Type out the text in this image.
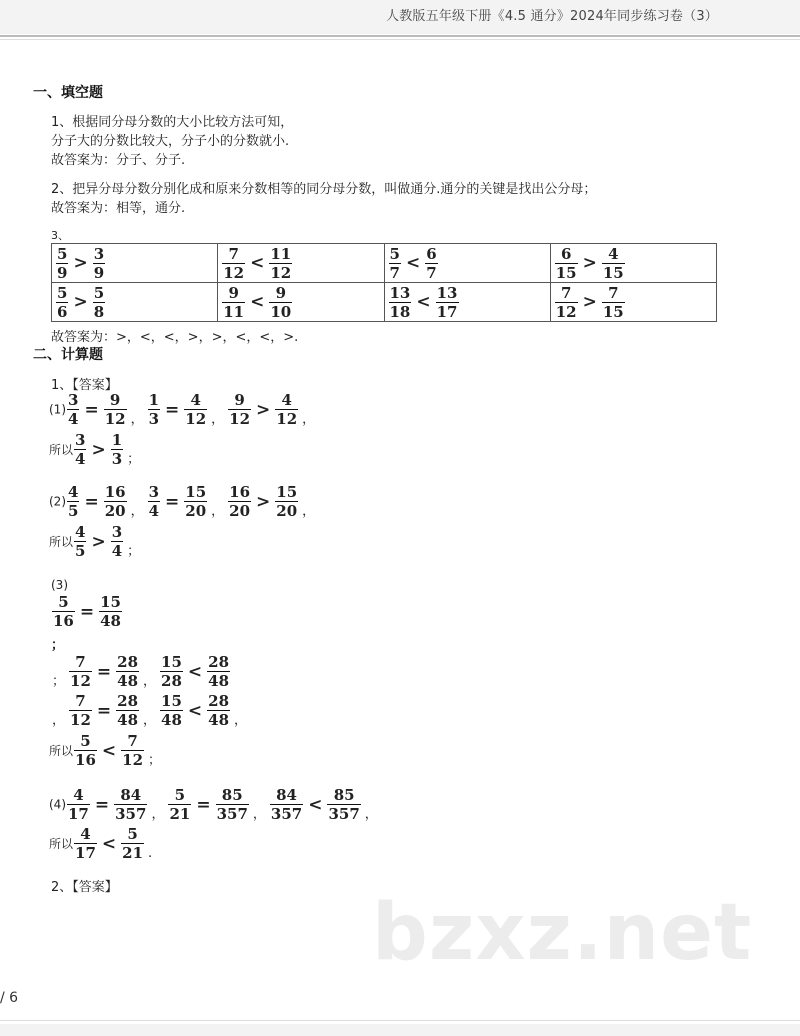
人教版五年级下册《4.5 通分》2024年同步练习卷（3）
一、填空题
1、根据同分母分数的大小比较方法可知，
分子大的分数比较大，分子小的分数就小.
故答案为：分子、分子.
2、把异分母分数分别化成和原来分数相等的同分母分数，叫做通分.通分的关键是找出公分母；
故答案为：相等，通分.
3、
$\frac{5}{9} > \frac{3}{9}$	$\frac{7}{12} < \frac{11}{12}$	$\frac{5}{7} < \frac{6}{7}$	$\frac{6}{15} > \frac{4}{15}$

$\frac{5}{6} > \frac{5}{8}$	$\frac{9}{11} < \frac{9}{10}$	$\frac{13}{18} < \frac{13}{17}$	$\frac{7}{12} > \frac{7}{15}$
故答案为：>，<，<，>，>，<，<，>.
二、计算题
1、【答案】
$(1) \frac{3}{4} = \frac{9}{12}$ ， $\frac{1}{3} = \frac{4}{12}$ ， $\frac{9}{12} > \frac{4}{12}$ ，
所以 $\frac{3}{4} > \frac{1}{3}$ ；
$(2) \frac{4}{5} = \frac{16}{20}$ ， $\frac{3}{4} = \frac{15}{20}$ ， $\frac{16}{20} > \frac{15}{20}$ ，
所以 $\frac{4}{5} > \frac{3}{4}$ ；
(3)
$\frac{5}{16} = \frac{15}{48}$
；
； $\frac{7}{12} = \frac{28}{48}$ ， $\frac{15}{28} < \frac{28}{48}$
， $\frac{7}{12} = \frac{28}{48}$ ， $\frac{15}{48} < \frac{28}{48}$ ，
所以 $\frac{5}{16} < \frac{7}{12}$ ；
$(4) \frac{4}{17} = \frac{84}{357}$ ， $\frac{5}{21} = \frac{85}{357}$ ， $\frac{84}{357} < \frac{85}{357}$ ，
所以 $\frac{4}{17} < \frac{5}{21}$ .
2、【答案】
bzxz.net
/ 6
